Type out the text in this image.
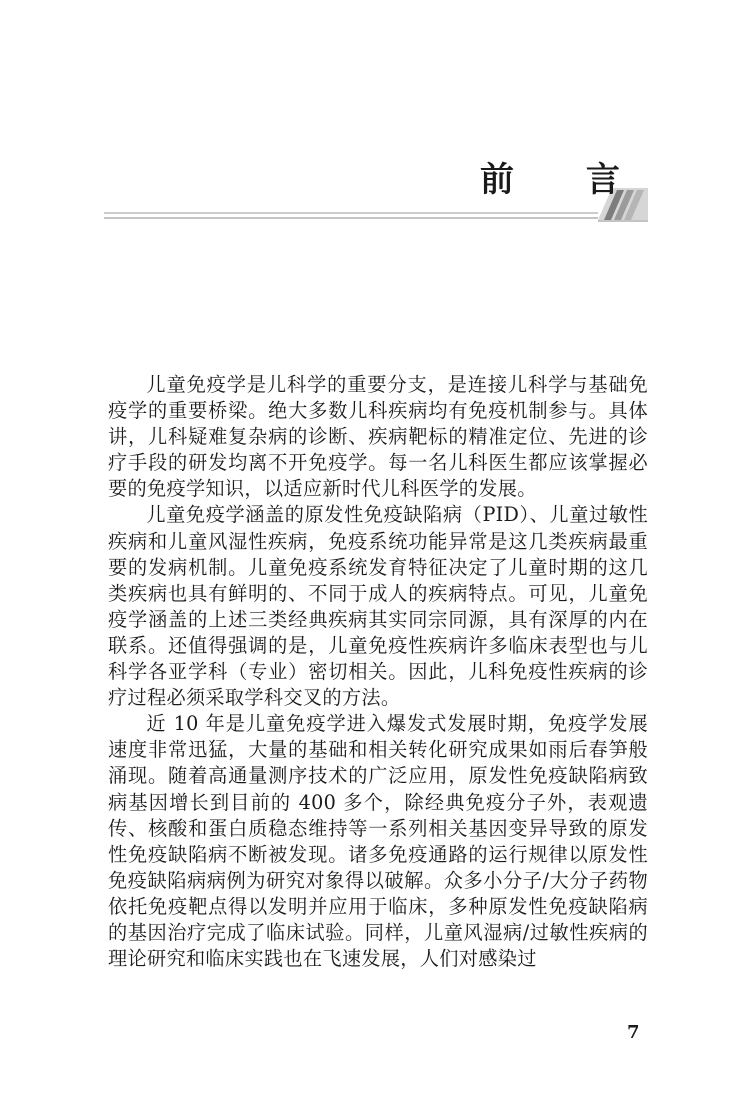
前 言

儿童免疫学是儿科学的重要分支，是连接儿科学与基础免疫学的重要桥梁。绝大多数儿科疾病均有免疫机制参与。具体讲，儿科疑难复杂病的诊断、疾病靶标的精准定位、先进的诊疗手段的研发均离不开免疫学。每一名儿科医生都应该掌握必要的免疫学知识，以适应新时代儿科医学的发展。

儿童免疫学涵盖的原发性免疫缺陷病（PID）、儿童过敏性疾病和儿童风湿性疾病，免疫系统功能异常是这几类疾病最重要的发病机制。儿童免疫系统发育特征决定了儿童时期的这几类疾病也具有鲜明的、不同于成人的疾病特点。可见，儿童免疫学涵盖的上述三类经典疾病其实同宗同源，具有深厚的内在联系。还值得强调的是，儿童免疫性疾病许多临床表型也与儿科学各亚学科（专业）密切相关。因此，儿科免疫性疾病的诊疗过程必须采取学科交叉的方法。

近 10 年是儿童免疫学进入爆发式发展时期，免疫学发展速度非常迅猛，大量的基础和相关转化研究成果如雨后春笋般涌现。随着高通量测序技术的广泛应用，原发性免疫缺陷病致病基因增长到目前的 400 多个，除经典免疫分子外，表观遗传、核酸和蛋白质稳态维持等一系列相关基因变异导致的原发性免疫缺陷病不断被发现。诸多免疫通路的运行规律以原发性免疫缺陷病病例为研究对象得以破解。众多小分子/大分子药物依托免疫靶点得以发明并应用于临床，多种原发性免疫缺陷病的基因治疗完成了临床试验。同样，儿童风湿病/过敏性疾病的理论研究和临床实践也在飞速发展，人们对感染过

7
